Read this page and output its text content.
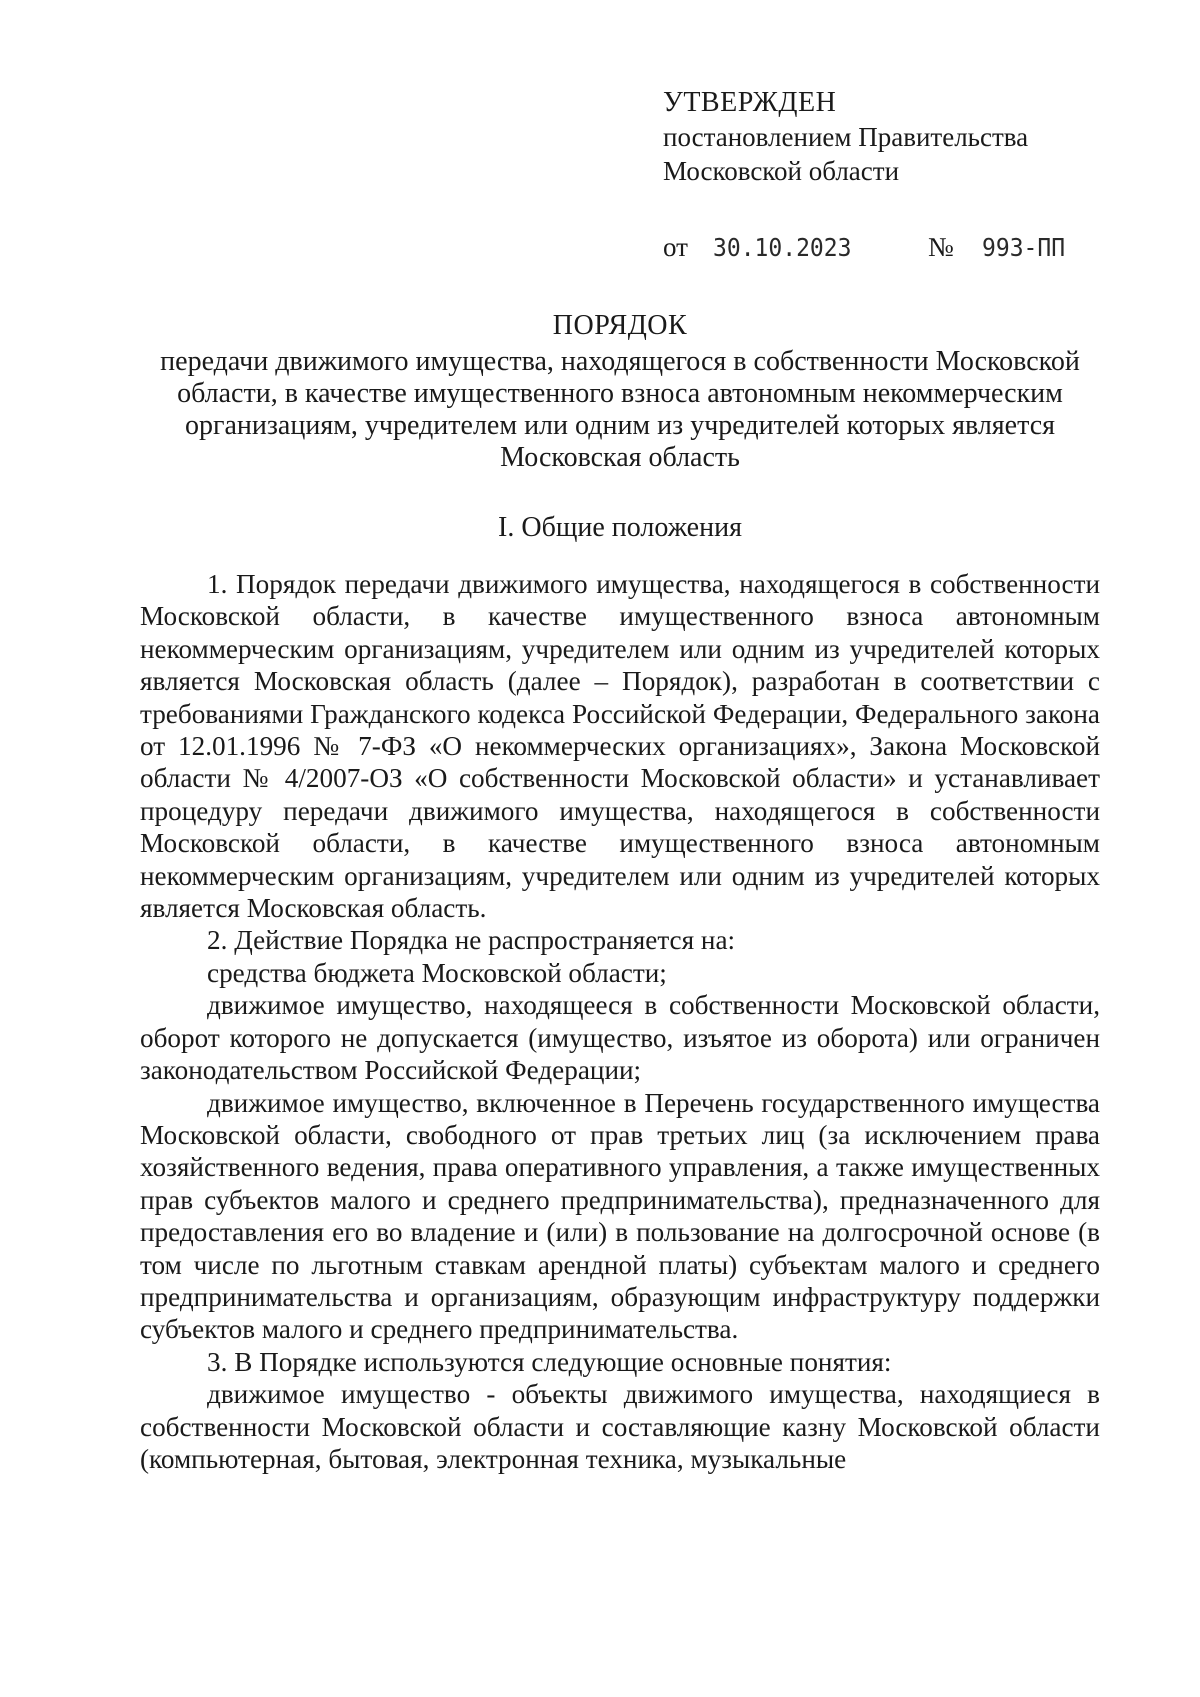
УТВЕРЖДЕН
постановлением Правительства
Московской области
от 30.10.2023	№ 993-ПП
ПОРЯДОК
передачи движимого имущества, находящегося в собственности Московской области, в качестве имущественного взноса автономным некоммерческим организациям, учредителем или одним из учредителей которых является Московская область
I. Общие положения

1. Порядок передачи движимого имущества, находящегося в собственности Московской области, в качестве имущественного взноса автономным некоммерческим организациям, учредителем или одним из учредителей которых является Московская область (далее – Порядок), разработан в соответствии с требованиями Гражданского кодекса Российской Федерации, Федерального закона от 12.01.1996 № 7-ФЗ «О некоммерческих организациях», Закона Московской области № 4/2007-ОЗ «О собственности Московской области» и устанавливает процедуру передачи движимого имущества, находящегося в собственности Московской области, в качестве имущественного взноса автономным некоммерческим организациям, учредителем или одним из учредителей которых является Московская область.

2. Действие Порядка не распространяется на:

средства бюджета Московской области;

движимое имущество, находящееся в собственности Московской области, оборот которого не допускается (имущество, изъятое из оборота) или ограничен законодательством Российской Федерации;

движимое имущество, включенное в Перечень государственного имущества Московской области, свободного от прав третьих лиц (за исключением права хозяйственного ведения, права оперативного управления, а также имущественных прав субъектов малого и среднего предпринимательства), предназначенного для предоставления его во владение и (или) в пользование на долгосрочной основе (в том числе по льготным ставкам арендной платы) субъектам малого и среднего предпринимательства и организациям, образующим инфраструктуру поддержки субъектов малого и среднего предпринимательства.

3. В Порядке используются следующие основные понятия:

движимое имущество - объекты движимого имущества, находящиеся в собственности Московской области и составляющие казну Московской области (компьютерная, бытовая, электронная техника, музыкальные
